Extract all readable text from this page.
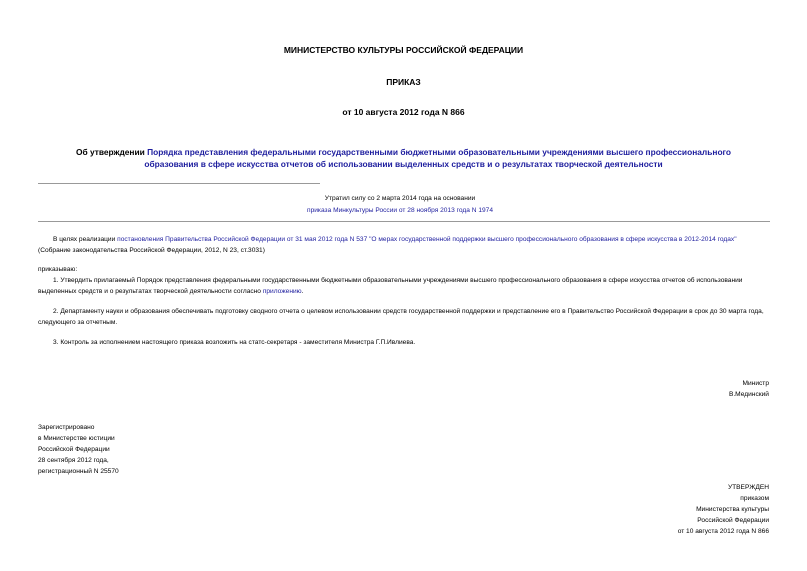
МИНИСТЕРСТВО КУЛЬТУРЫ РОССИЙСКОЙ ФЕДЕРАЦИИ
ПРИКАЗ
от 10 августа 2012 года N 866
Об утверждении Порядка представления федеральными государственными бюджетными образовательными учреждениями высшего профессионального образования в сфере искусства отчетов об использовании выделенных средств и о результатах творческой деятельности
Утратил силу со 2 марта 2014 года на основании
приказа Минкультуры России от 28 ноября 2013 года N 1974
В целях реализации постановления Правительства Российской Федерации от 31 мая 2012 года N 537 "О мерах государственной поддержки высшего профессионального образования в сфере искусства в 2012-2014 годах" (Собрание законодательства Российской Федерации, 2012, N 23, ст.3031)
приказываю:
1. Утвердить прилагаемый Порядок представления федеральными государственными бюджетными образовательными учреждениями высшего профессионального образования в сфере искусства отчетов об использовании выделенных средств и о результатах творческой деятельности согласно приложению.
2. Департаменту науки и образования обеспечивать подготовку сводного отчета о целевом использовании средств государственной поддержки и представление его в Правительство Российской Федерации в срок до 30 марта года, следующего за отчетным.
3. Контроль за исполнением настоящего приказа возложить на статс-секретаря - заместителя Министра Г.П.Ивлиева.
Министр
В.Мединский
Зарегистрировано
в Министерстве юстиции
Российской Федерации
28 сентября 2012 года,
регистрационный N 25570
УТВЕРЖДЕН
приказом
Министерства культуры
Российской Федерации
от 10 августа 2012 года N 866
